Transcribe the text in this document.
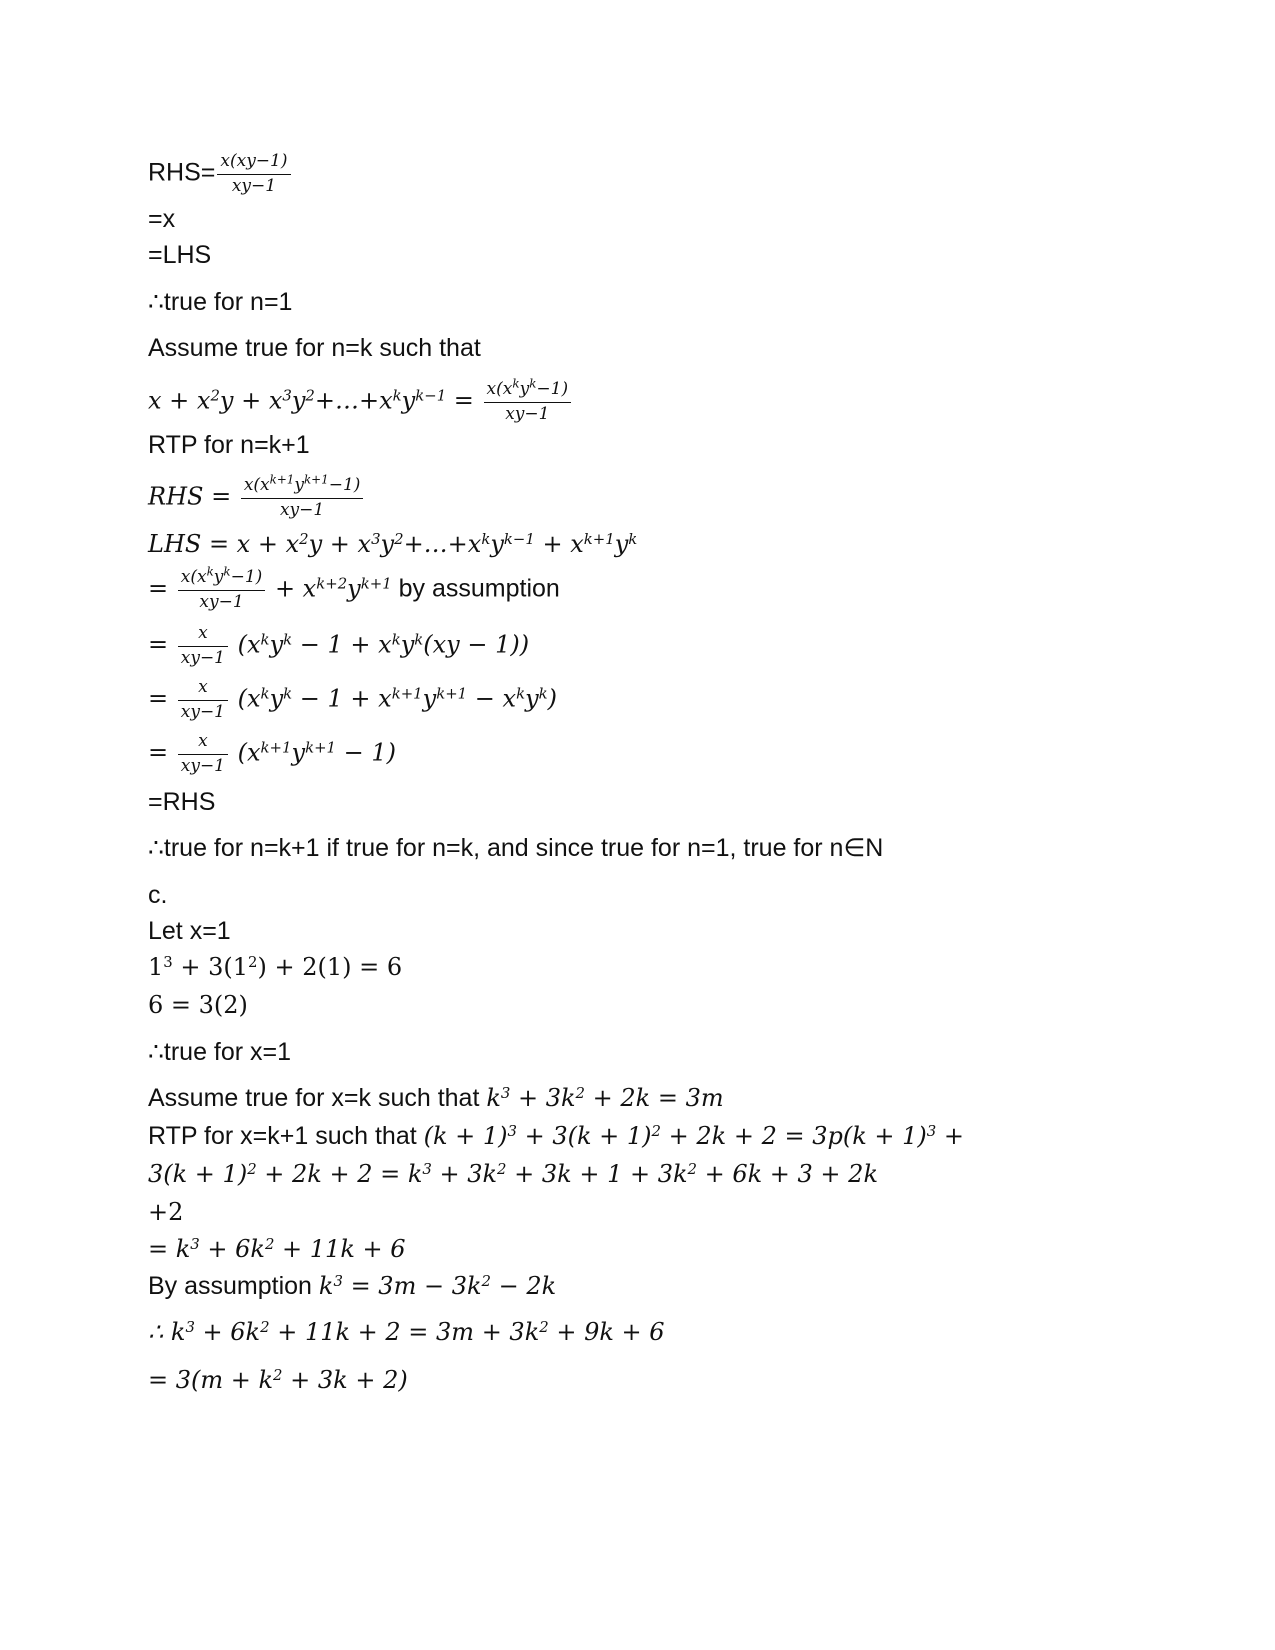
$RHS= \frac{x(xy-1)}{xy-1}$
=x
=LHS
∴true for n=1
Assume true for n=k such that
$x + x^2y$ + $x^3y^2+\dots+x^ky^{k-1} = \frac{x(x^ky^k-1)}{xy-1}$
RTP for n=k+1
RHS = $\frac{x(x^{k+1}y^{k+1}-1)}{xy-1}$
LHS = $x + x^2y$ + $x^3y^2+\dots+x^ky^{k-1} + x^{k+1}y^k$
= $\frac{x(x^ky^k-1)}{xy-1} + x^{k+2}y^{k+1}$ by assumption
= $\frac{x}{xy-1} (x^ky^k - 1 + x^ky^k(xy - 1))$
= $\frac{x}{xy-1} (x^ky^k - 1 + x^{k+1}y^{k+1} - x^ky^k)$
= $\frac{x}{xy-1} (x^{k+1}y^{k+1} - 1)$
=RHS
∴true for n=k+1 if true for n=k, and since true for n=1, true for n∈N
c.
Let x=1
$1^3 + 3(1^2) + 2(1) = 6$
6 = 3(2)
∴true for x=1
Assume true for x=k such that $k^3 + 3k^2 + 2k = 3m$
RTP for x=k+1 such that $(k + 1)^3 + 3(k + 1)^2 + 2k + 2 = 3p(k + 1)^3$ +
$3(k + 1)^2 + 2k + 2 = k^3 + 3k^2 + 3k + 1 + 3k^2 + 6k + 3 + 2k$
+2
= $k^3 + 6k^2 + 11k + 6$
By assumption $k^3 = 3m - 3k^2 - 2k$
∴ $k^3 + 6k^2 + 11k + 2 = 3m + 3k^2 + 9k + 6$
= $3(m + k^2 + 3k + 2)$
